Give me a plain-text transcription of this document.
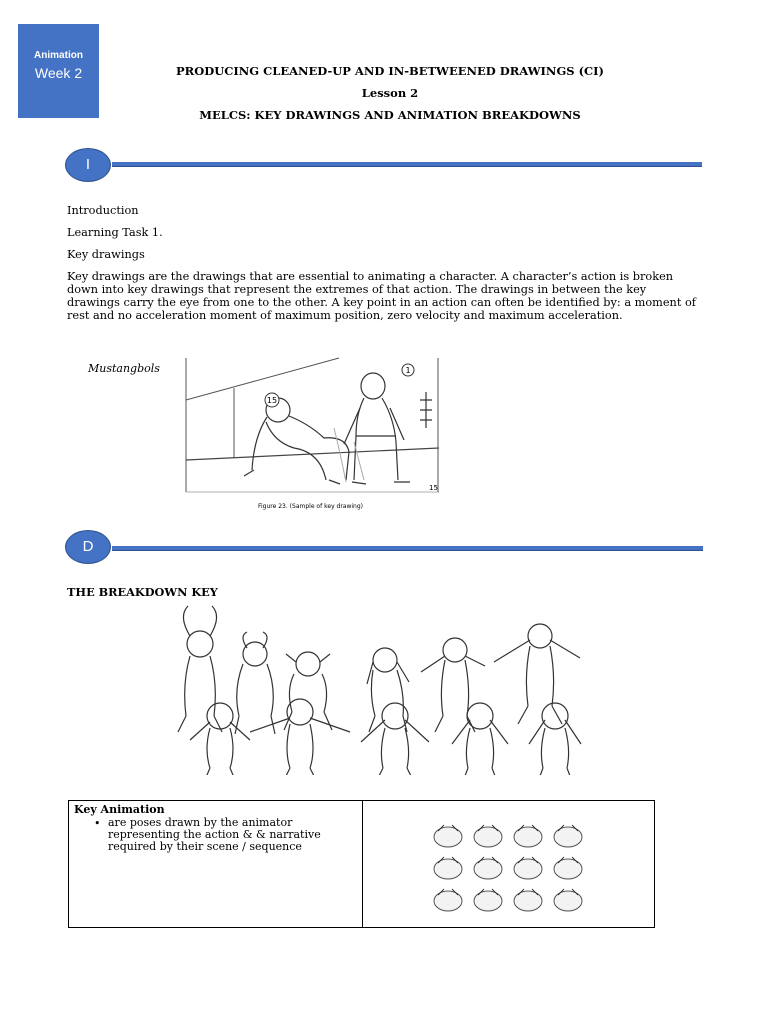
Animation
Week 2	PRODUCING CLEANED-UP AND IN-BETWEENED DRAWINGS (CI)
Lesson 2
MELCS: KEY DRAWINGS AND ANIMATION BREAKDOWNS
I
Introduction
Learning Task 1.
Key drawings
Key drawings are the drawings that are essential to animating a character. A character’s action is broken down into key drawings that represent the extremes of that action. The drawings in between the key drawings carry the eye from one to the other. A key point in an action can often be identified by: a moment of rest and no acceleration moment of maximum position, zero velocity and maximum acceleration.
Mustangbols
15
1
15
Figure 23. (Sample of key drawing)
D
THE BREAKDOWN KEY
Key Animation
• are poses drawn by the animator representing the action & & narrative required by their scene / sequence
